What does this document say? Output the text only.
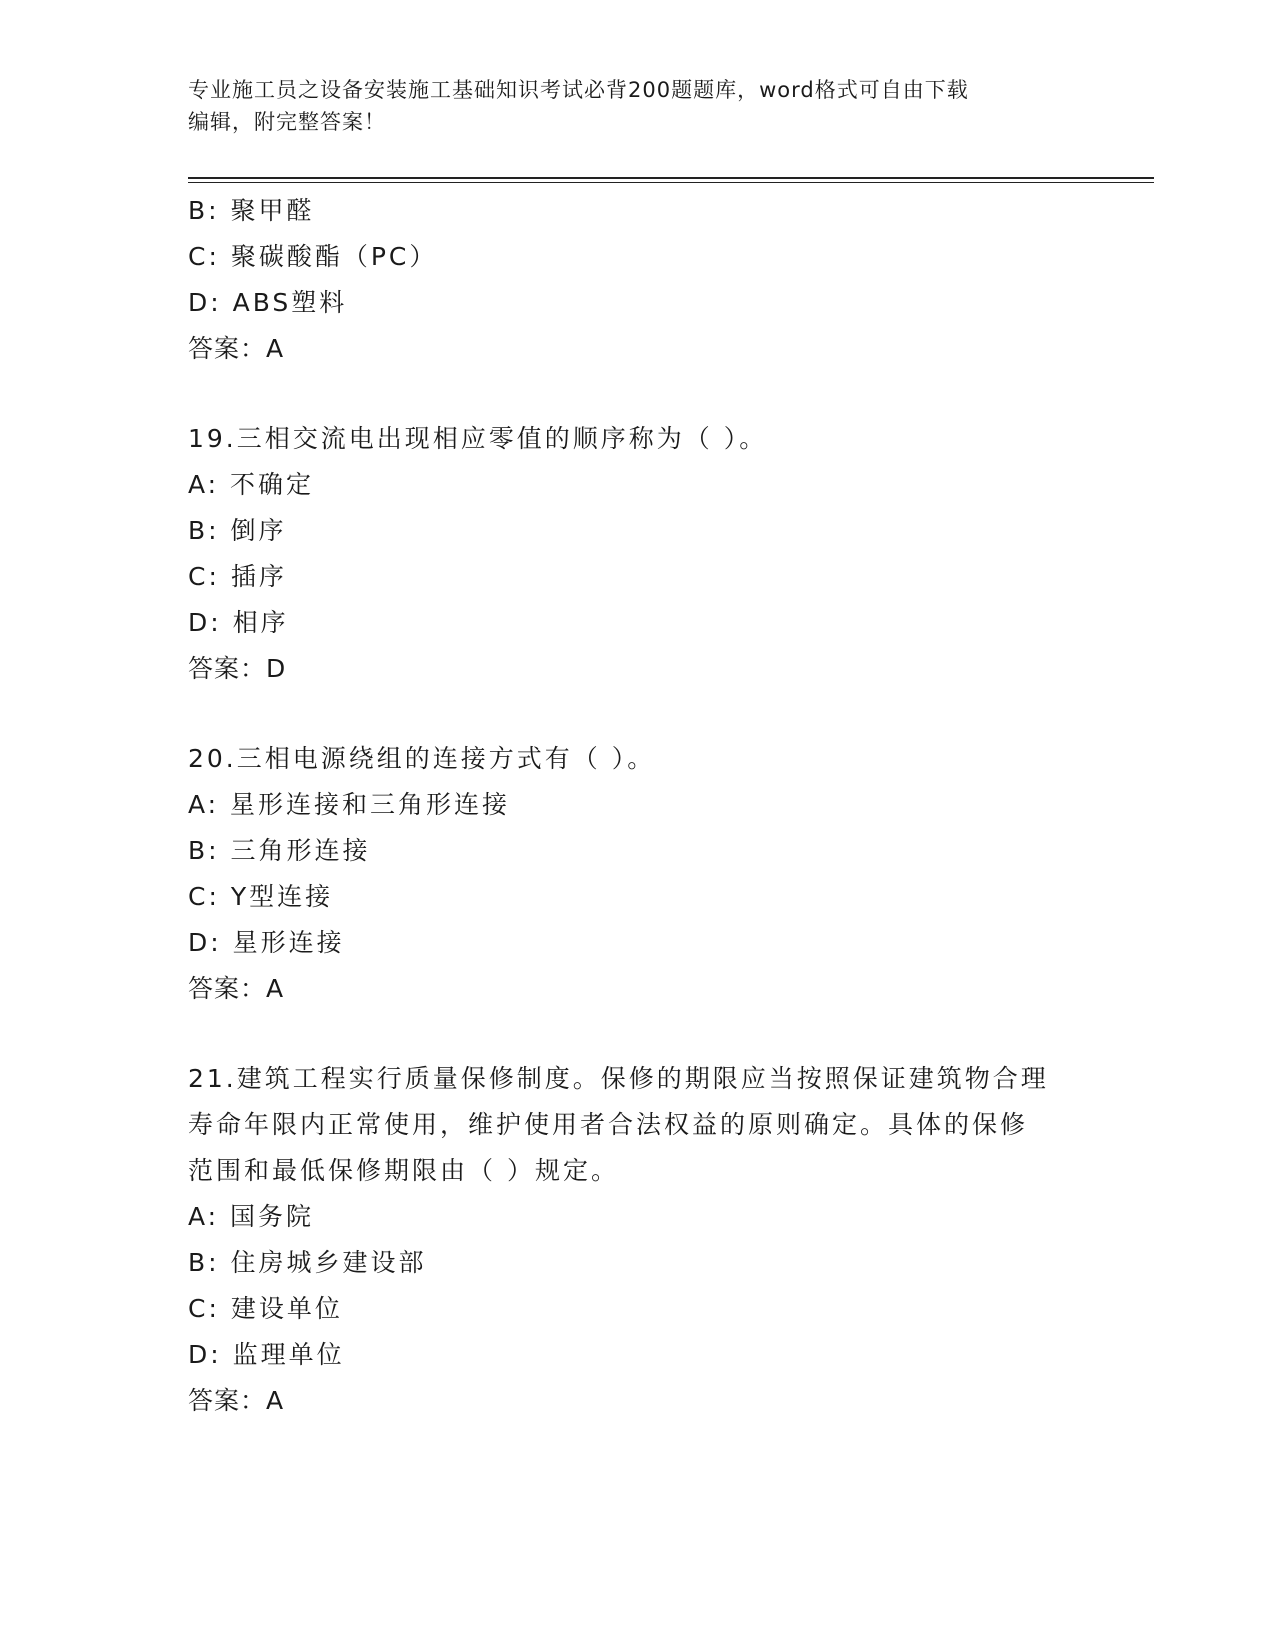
专业施工员之设备安装施工基础知识考试必背200题题库，word格式可自由下载
编辑，附完整答案！
B: 聚甲醛
C: 聚碳酸酯（PC）
D: ABS塑料
答案：A
19.三相交流电出现相应零值的顺序称为（ ）。
A: 不确定
B: 倒序
C: 插序
D: 相序
答案：D
20.三相电源绕组的连接方式有（ ）。
A: 星形连接和三角形连接
B: 三角形连接
C: Y型连接
D: 星形连接
答案：A
21.建筑工程实行质量保修制度。保修的期限应当按照保证建筑物合理
寿命年限内正常使用，维护使用者合法权益的原则确定。具体的保修
范围和最低保修期限由（ ）规定。
A: 国务院
B: 住房城乡建设部
C: 建设单位
D: 监理单位
答案：A
